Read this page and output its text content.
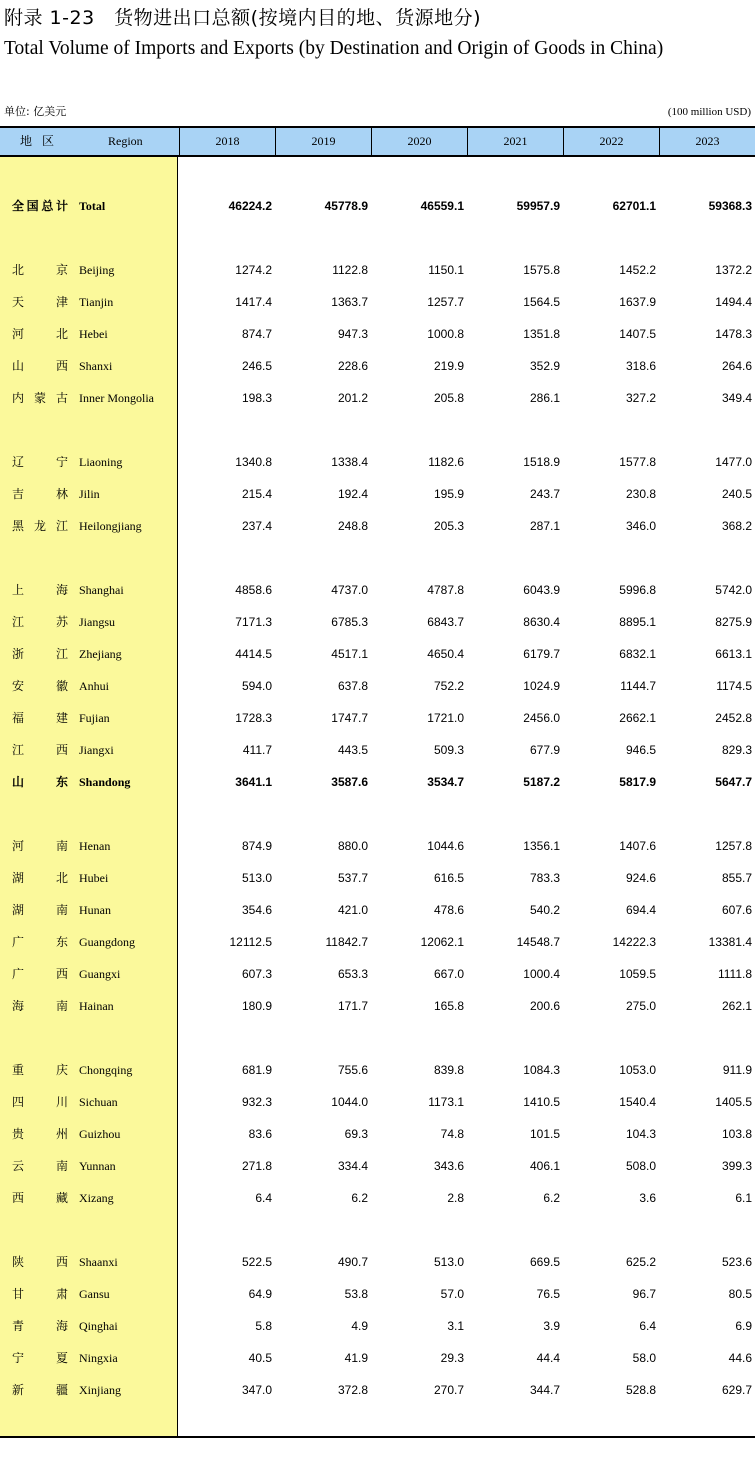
附录 1-23　货物进出口总额(按境内目的地、货源地分)
Total Volume of Imports and Exports (by Destination and Origin of Goods in China)
单位: 亿美元	(100 million USD)
地区	Region	2018	2019	2020	2021	2022	2023
全 国 总 计 Total	46224.2	45778.9	46559.1	59957.9	62701.1	59368.3
北	京 Beijing	1274.2	1122.8	1150.1	1575.8	1452.2	1372.2
天	津 Tianjin	1417.4	1363.7	1257.7	1564.5	1637.9	1494.4
河	北 Hebei	874.7	947.3	1000.8	1351.8	1407.5	1478.3
山	西 Shanxi	246.5	228.6	219.9	352.9	318.6	264.6
内 蒙 古 Inner Mongolia	198.3	201.2	205.8	286.1	327.2	349.4
辽	宁 Liaoning	1340.8	1338.4	1182.6	1518.9	1577.8	1477.0
吉	林 Jilin	215.4	192.4	195.9	243.7	230.8	240.5
黑 龙 江 Heilongjiang	237.4	248.8	205.3	287.1	346.0	368.2
上	海 Shanghai	4858.6	4737.0	4787.8	6043.9	5996.8	5742.0
江	苏 Jiangsu	7171.3	6785.3	6843.7	8630.4	8895.1	8275.9
浙	江 Zhejiang	4414.5	4517.1	4650.4	6179.7	6832.1	6613.1
安	徽 Anhui	594.0	637.8	752.2	1024.9	1144.7	1174.5
福	建 Fujian	1728.3	1747.7	1721.0	2456.0	2662.1	2452.8
江	西 Jiangxi	411.7	443.5	509.3	677.9	946.5	829.3
山	东 Shandong	3641.1	3587.6	3534.7	5187.2	5817.9	5647.7
河	南 Henan	874.9	880.0	1044.6	1356.1	1407.6	1257.8
湖	北 Hubei	513.0	537.7	616.5	783.3	924.6	855.7
湖	南 Hunan	354.6	421.0	478.6	540.2	694.4	607.6
广	东 Guangdong	12112.5	11842.7	12062.1	14548.7	14222.3	13381.4
广	西 Guangxi	607.3	653.3	667.0	1000.4	1059.5	1111.8
海	南 Hainan	180.9	171.7	165.8	200.6	275.0	262.1
重	庆 Chongqing	681.9	755.6	839.8	1084.3	1053.0	911.9
四	川 Sichuan	932.3	1044.0	1173.1	1410.5	1540.4	1405.5
贵	州 Guizhou	83.6	69.3	74.8	101.5	104.3	103.8
云	南 Yunnan	271.8	334.4	343.6	406.1	508.0	399.3
西	藏 Xizang	6.4	6.2	2.8	6.2	3.6	6.1
陕	西 Shaanxi	522.5	490.7	513.0	669.5	625.2	523.6
甘	肃 Gansu	64.9	53.8	57.0	76.5	96.7	80.5
青	海 Qinghai	5.8	4.9	3.1	3.9	6.4	6.9
宁	夏 Ningxia	40.5	41.9	29.3	44.4	58.0	44.6
新	疆 Xinjiang	347.0	372.8	270.7	344.7	528.8	629.7
